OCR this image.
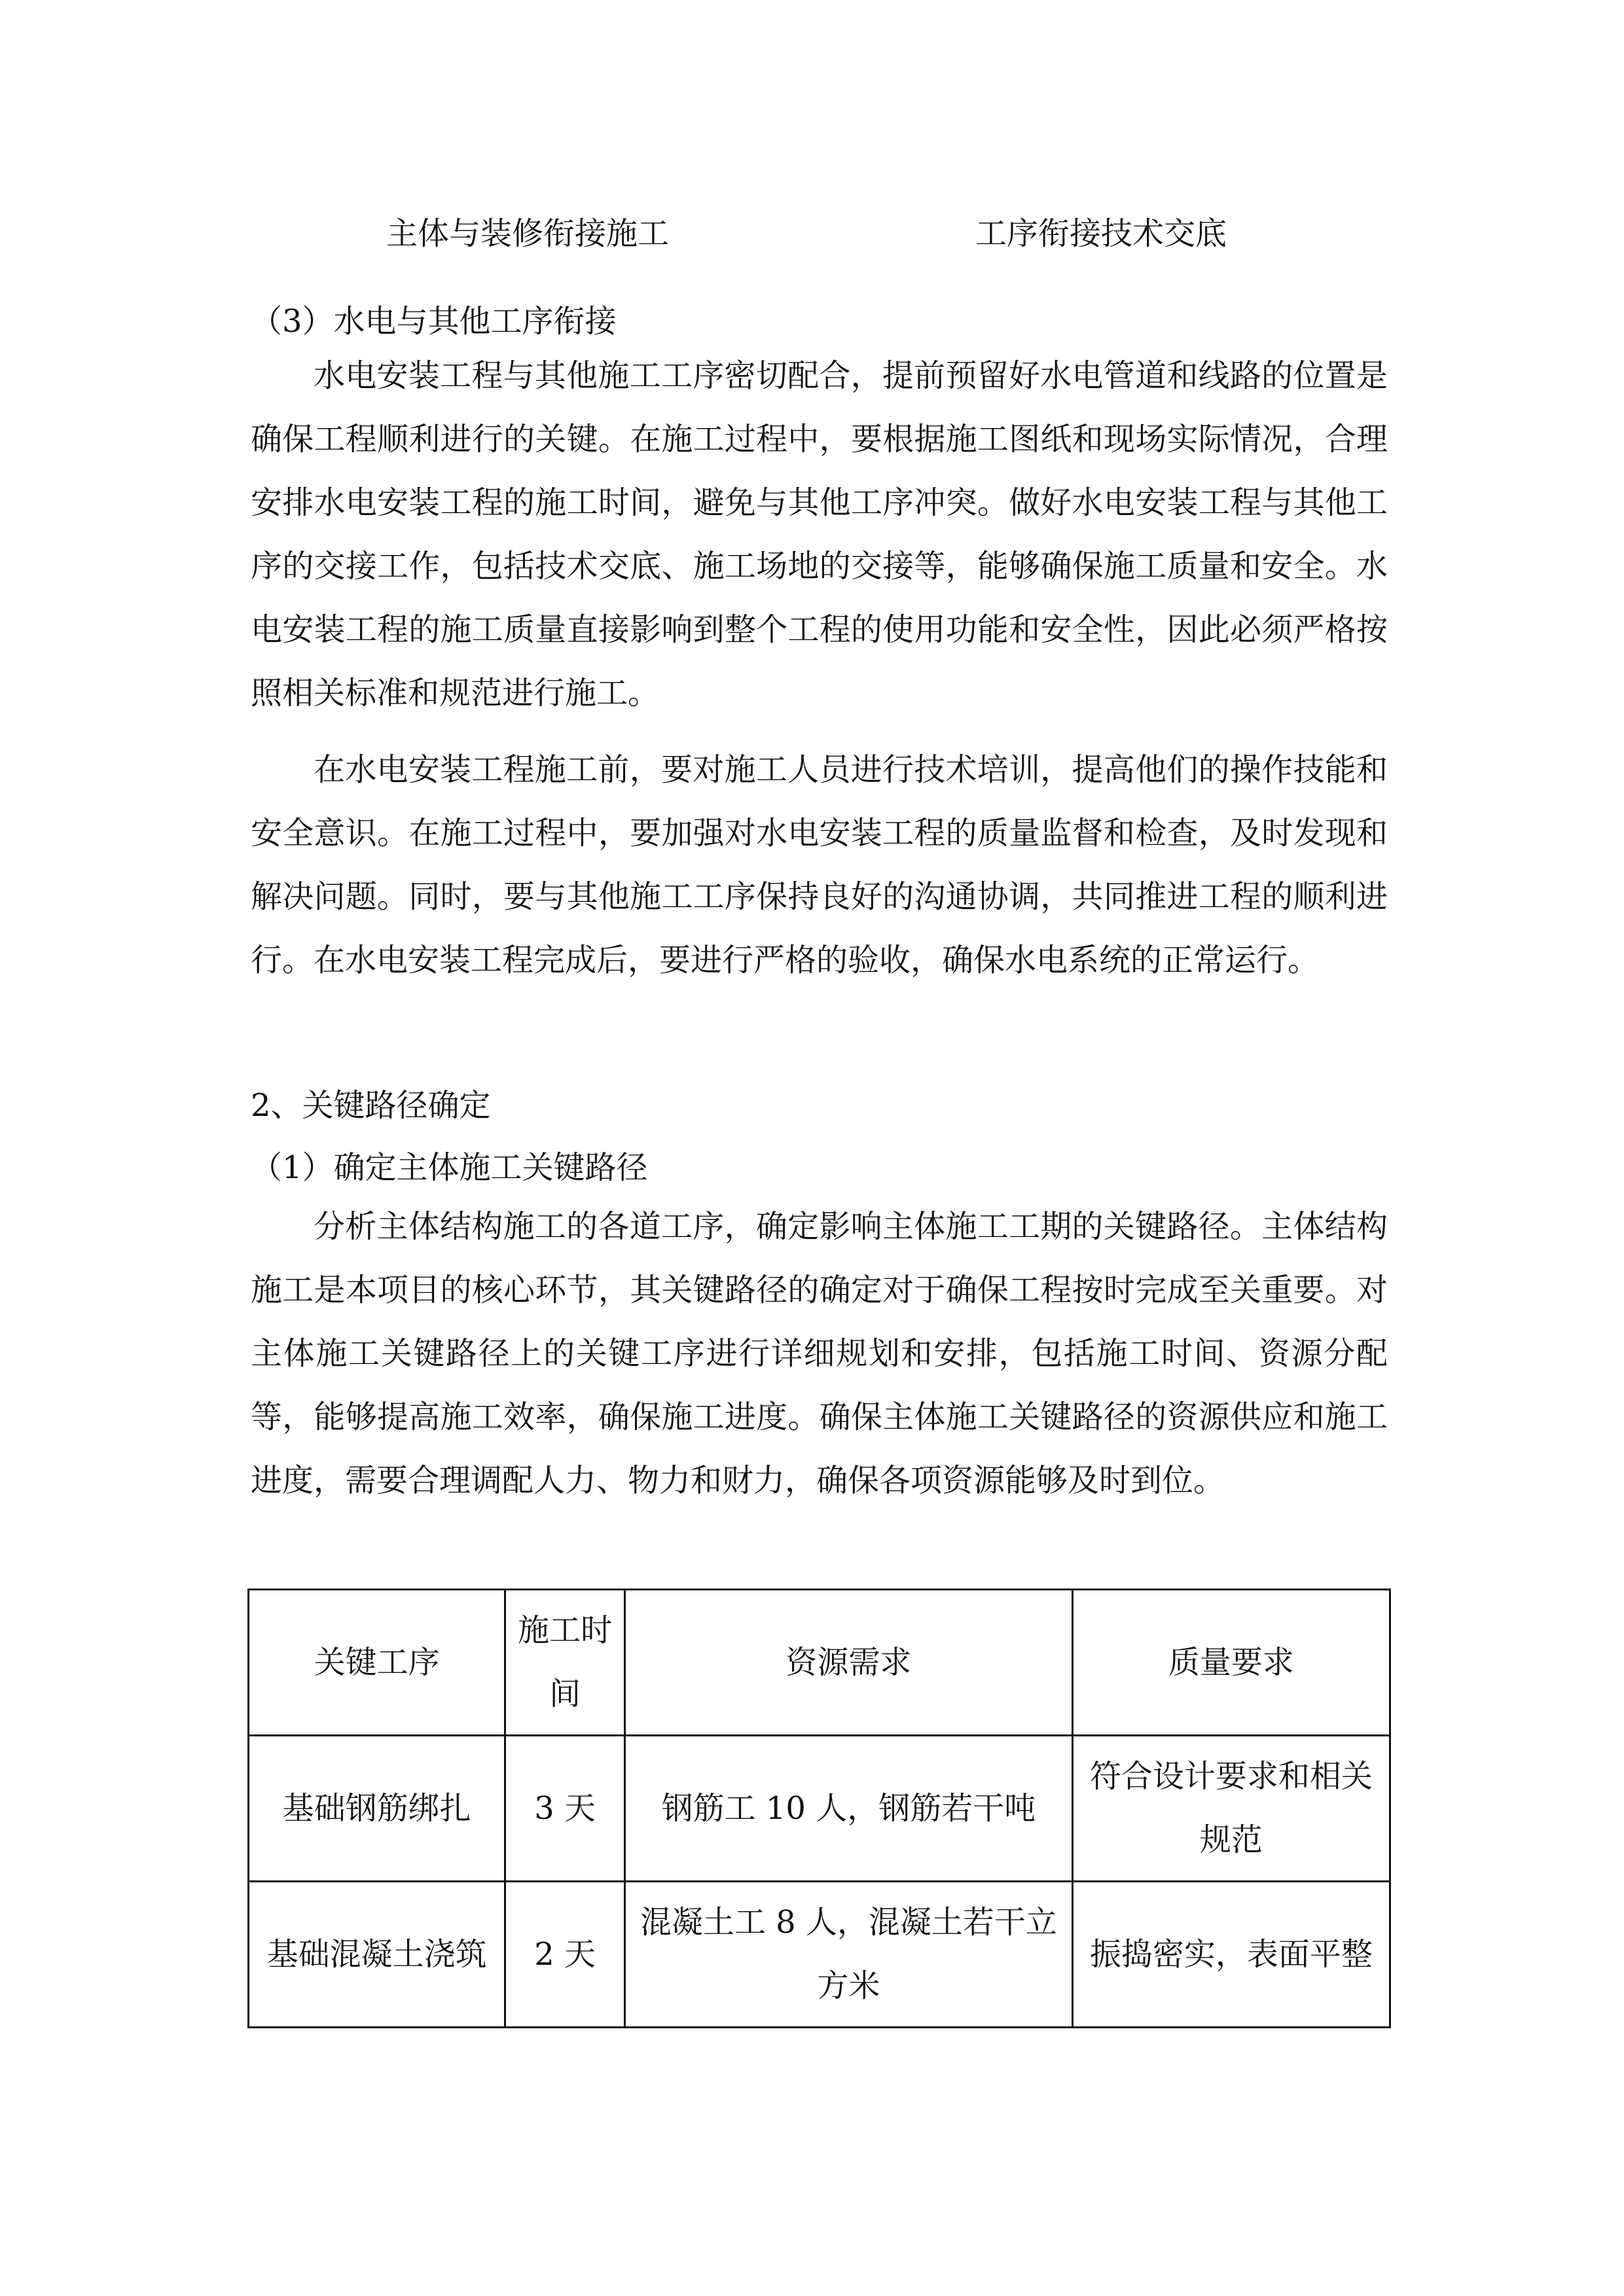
主体与装修衔接施工	工序衔接技术交底
（3）水电与其他工序衔接

水电安装工程与其他施工工序密切配合，提前预留好水电管道和线路的位置是确保工程顺利进行的关键。在施工过程中，要根据施工图纸和现场实际情况，合理安排水电安装工程的施工时间，避免与其他工序冲突。做好水电安装工程与其他工序的交接工作，包括技术交底、施工场地的交接等，能够确保施工质量和安全。水电安装工程的施工质量直接影响到整个工程的使用功能和安全性，因此必须严格按照相关标准和规范进行施工。

在水电安装工程施工前，要对施工人员进行技术培训，提高他们的操作技能和安全意识。在施工过程中，要加强对水电安装工程的质量监督和检查，及时发现和解决问题。同时，要与其他施工工序保持良好的沟通协调，共同推进工程的顺利进行。在水电安装工程完成后，要进行严格的验收，确保水电系统的正常运行。

2、关键路径确定
（1）确定主体施工关键路径

分析主体结构施工的各道工序，确定影响主体施工工期的关键路径。主体结构施工是本项目的核心环节，其关键路径的确定对于确保工程按时完成至关重要。对主体施工关键路径上的关键工序进行详细规划和安排，包括施工时间、资源分配等，能够提高施工效率，确保施工进度。确保主体施工关键路径的资源供应和施工进度，需要合理调配人力、物力和财力，确保各项资源能够及时到位。

关键工序	施工时间	资源需求	质量要求
基础钢筋绑扎	3 天	钢筋工 10 人，钢筋若干吨	符合设计要求和相关规范
基础混凝土浇筑	2 天	混凝土工 8 人，混凝土若干立方米	振捣密实，表面平整
